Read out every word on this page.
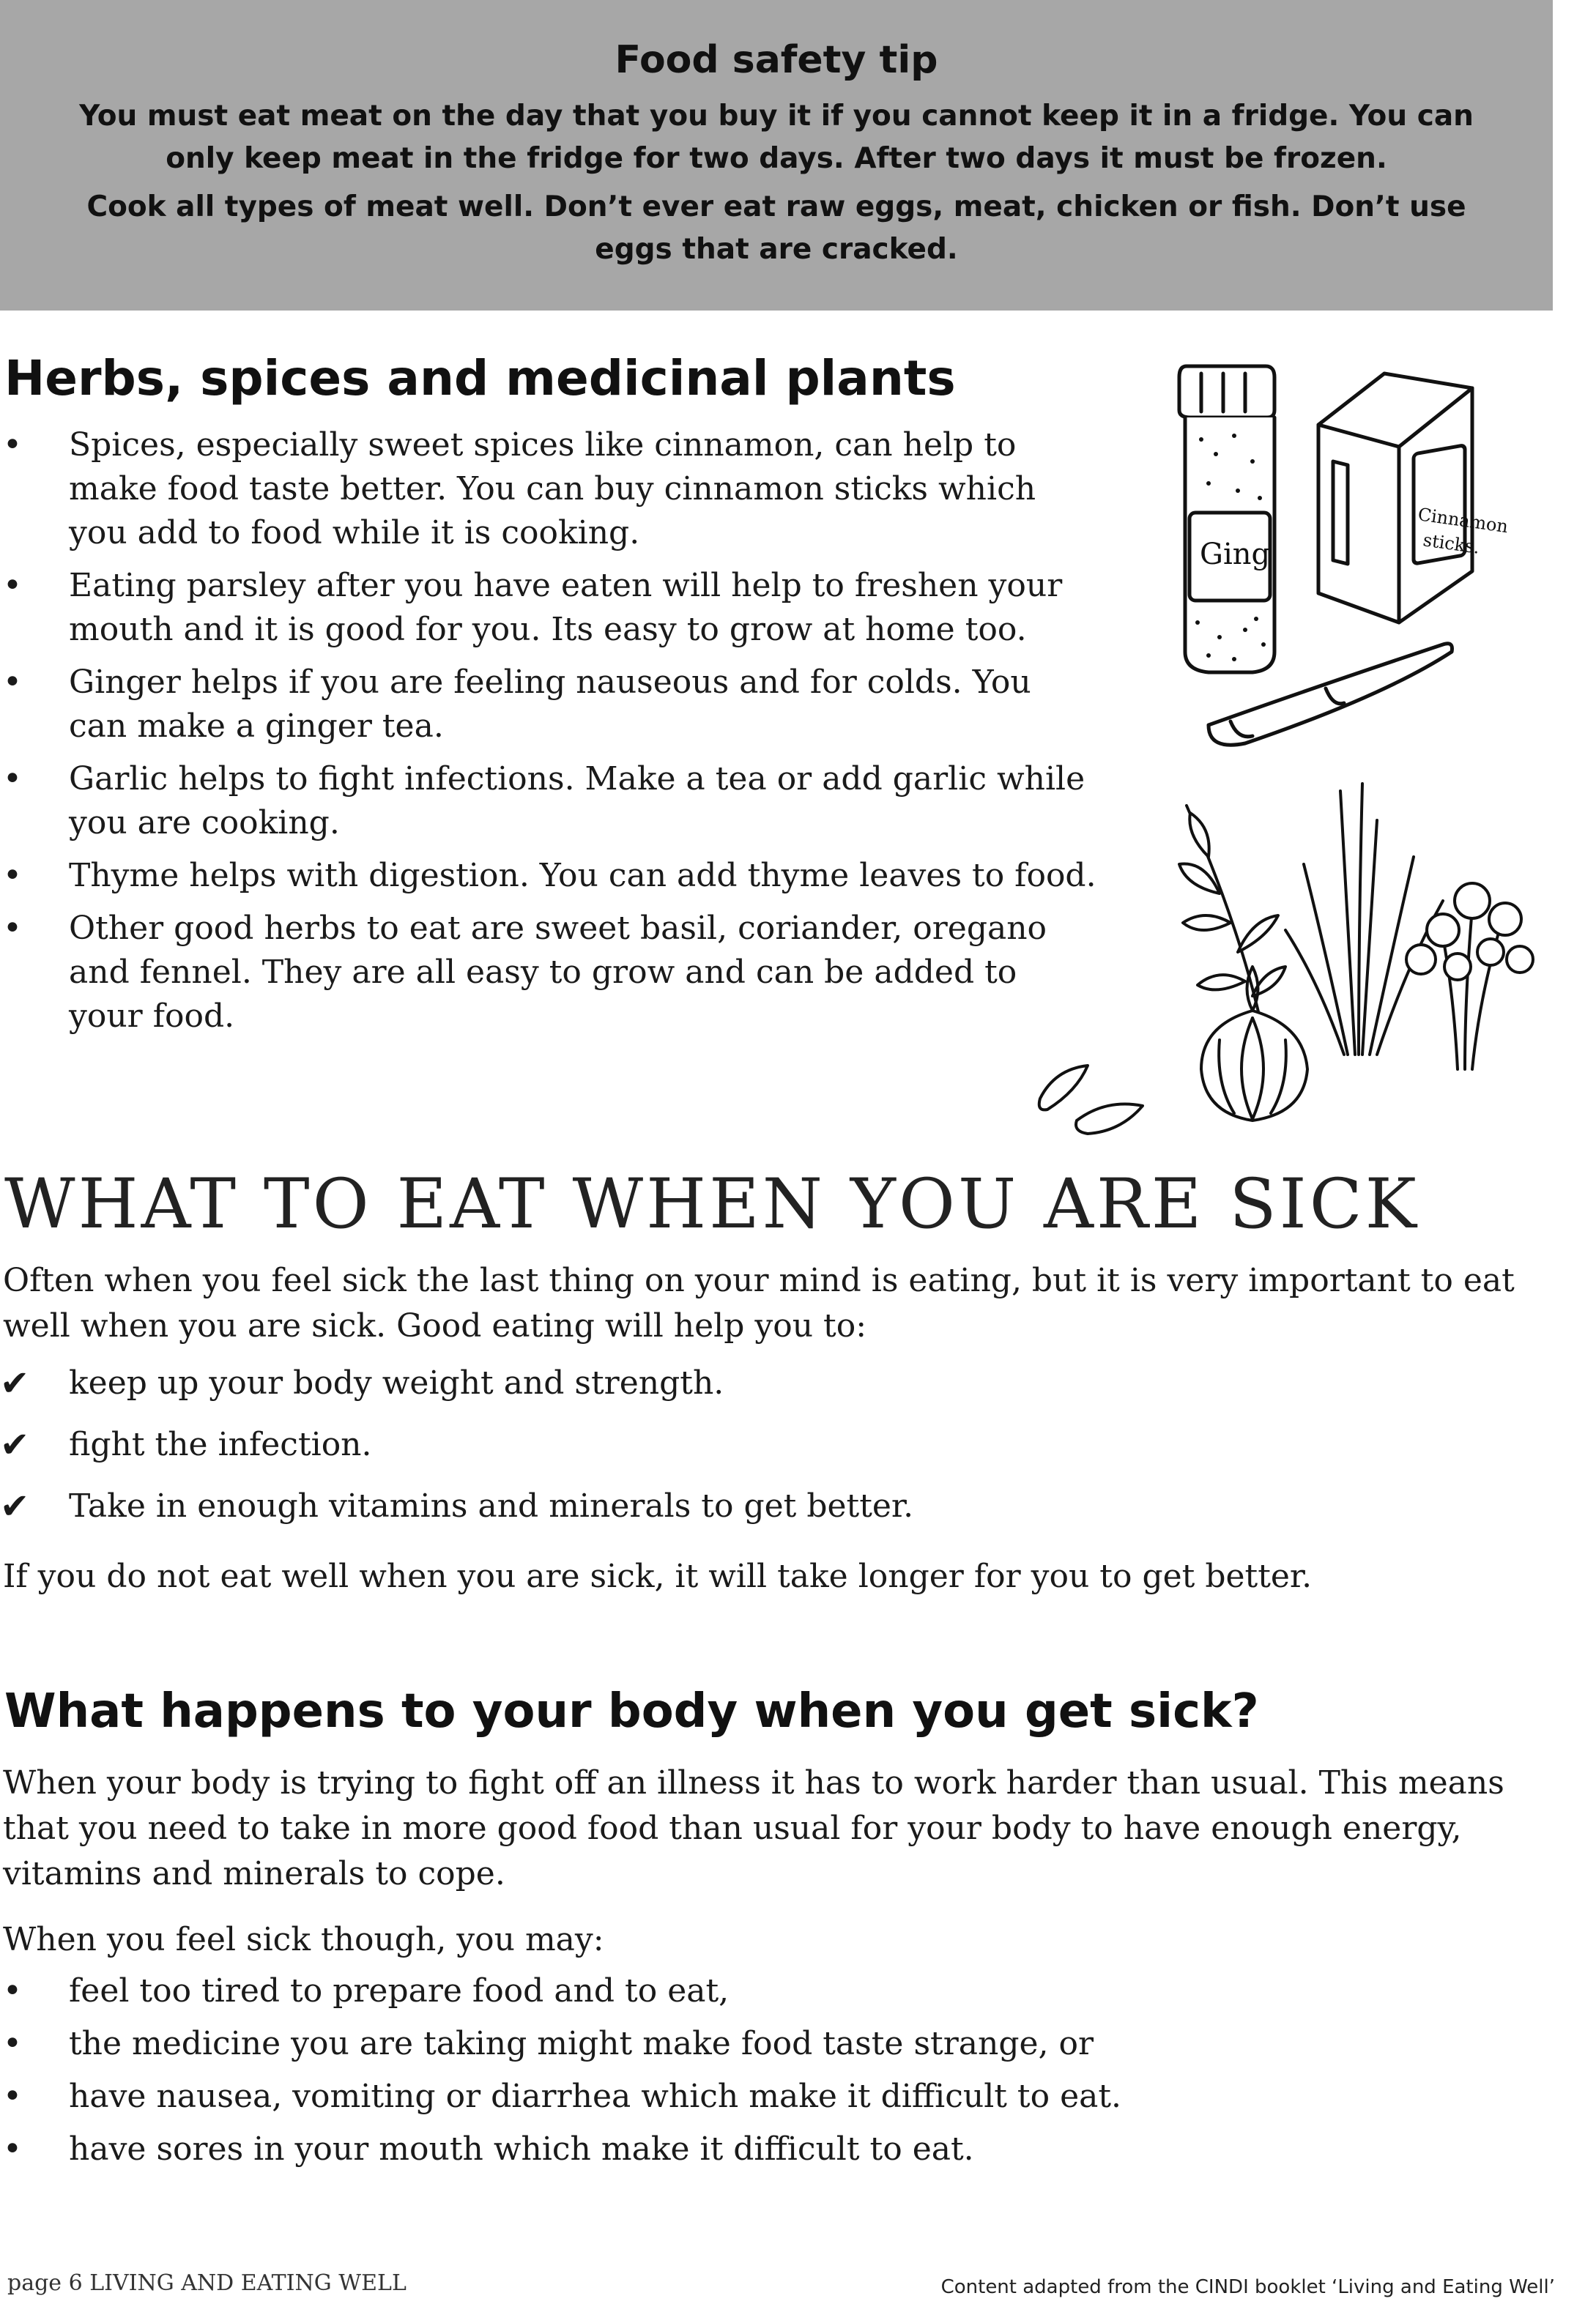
Food safety tip

You must eat meat on the day that you buy it if you cannot keep it in a fridge. You can only keep meat in the fridge for two days. After two days it must be frozen.

Cook all types of meat well. Don’t ever eat raw eggs, meat, chicken or fish. Don’t use eggs that are cracked.

Herbs, spices and medicinal plants
• Spices, especially sweet spices like cinnamon, can help to make food taste better. You can buy cinnamon sticks which you add to food while it is cooking.
• Eating parsley after you have eaten will help to freshen your mouth and it is good for you. Its easy to grow at home too.
• Ginger helps if you are feeling nauseous and for colds. You can make a ginger tea.
• Garlic helps to fight infections. Make a tea or add garlic while you are cooking.
• Thyme helps with digestion. You can add thyme leaves to food.
• Other good herbs to eat are sweet basil, coriander, oregano and fennel. They are all easy to grow and can be added to your food.
Ging
Cinnamon
sticks.
WHAT TO EAT WHEN YOU ARE SICK

Often when you feel sick the last thing on your mind is eating, but it is very important to eat well when you are sick. Good eating will help you to:

✔ keep up your body weight and strength.
✔ fight the infection.
✔ Take in enough vitamins and minerals to get better.

If you do not eat well when you are sick, it will take longer for you to get better.

What happens to your body when you get sick?

When your body is trying to fight off an illness it has to work harder than usual. This means that you need to take in more good food than usual for your body to have enough energy, vitamins and minerals to cope.

When you feel sick though, you may:

• feel too tired to prepare food and to eat,
• the medicine you are taking might make food taste strange, or
• have nausea, vomiting or diarrhea which make it difficult to eat.
• have sores in your mouth which make it difficult to eat.
page 6 LIVING AND EATING WELL	Content adapted from the CINDI booklet ‘Living and Eating Well’
